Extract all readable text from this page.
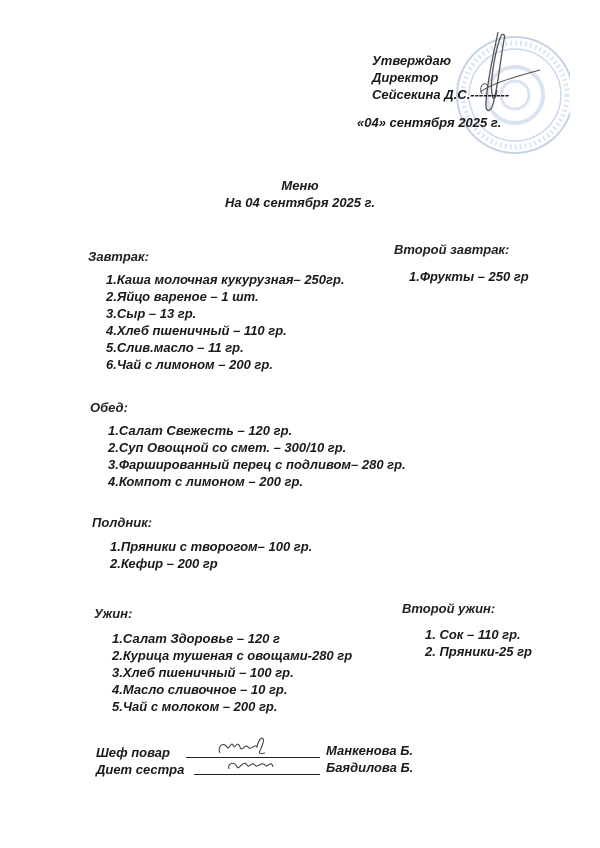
Утверждаю
Директор
Сейсекина Д.С.---------
«04» сентября 2025 г.
Меню
На 04 сентября 2025 г.
Завтрак:
1.Каша молочная кукурузная– 250гр.
2.Яйцо вареное – 1 шт.
3.Сыр – 13 гр.
4.Хлеб пшеничный – 110 гр.
5.Слив.масло – 11 гр.
6.Чай с лимоном – 200 гр.
Второй завтрак:
1.Фрукты – 250 гр
Обед:
1.Салат Свежесть – 120 гр.
2.Суп Овощной со смет. – 300/10 гр.
3.Фаршированный перец с подливом– 280 гр.
4.Компот с лимоном – 200 гр.
Полдник:
1.Пряники с творогом– 100 гр.
2.Кефир – 200 гр
Ужин:
1.Салат Здоровье – 120 г
2.Курица тушеная с овощами-280 гр
3.Хлеб пшеничный – 100 гр.
4.Масло сливочное – 10 гр.
5.Чай с молоком – 200 гр.
Второй ужин:
1. Сок – 110 гр.
2. Пряники-25 гр
Шеф повар	Манкенова Б.
Диет сестра	Баядилова Б.
